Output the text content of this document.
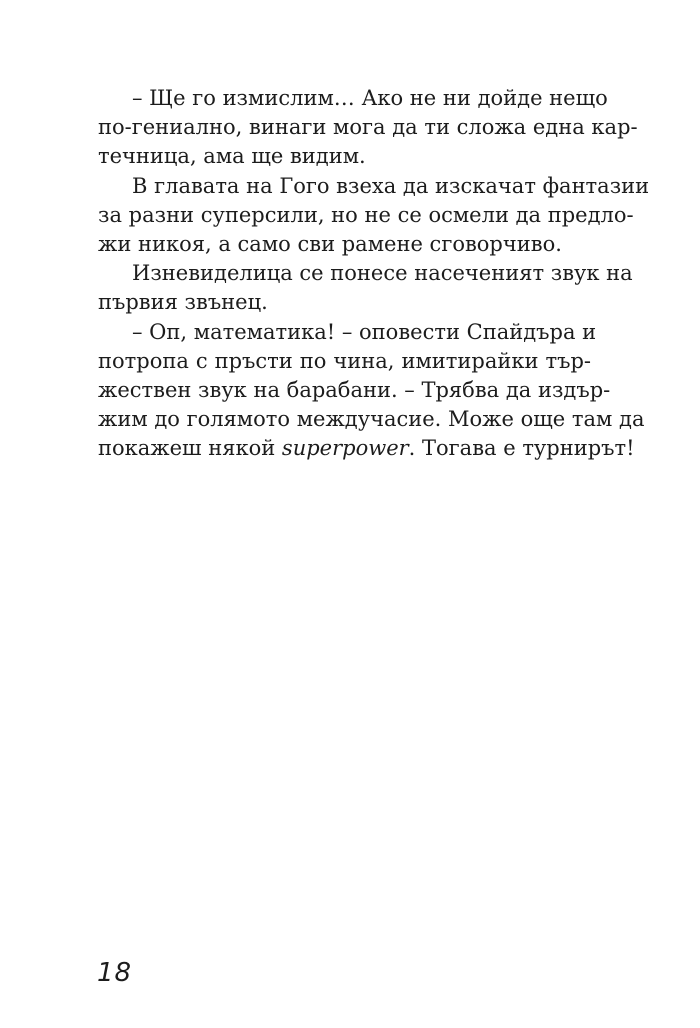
– Ще го измислим… Ако не ни дойде нещо
по-гениално, винаги мога да ти сложа една кар-
течница, ама ще видим.
В главата на Гого взеха да изскачат фантазии
за разни суперсили, но не се осмели да предло-
жи никоя, а само сви рамене сговорчиво.
Изневиделица се понесе насеченият звук на
първия звънец.
– Оп, математика! – оповести Спайдъра и
потропа с пръсти по чина, имитирайки тър-
жествен звук на барабани. – Трябва да издър-
жим до голямото междучасие. Може още там да
покажеш някой superpower. Тогава е турнирът!
18
